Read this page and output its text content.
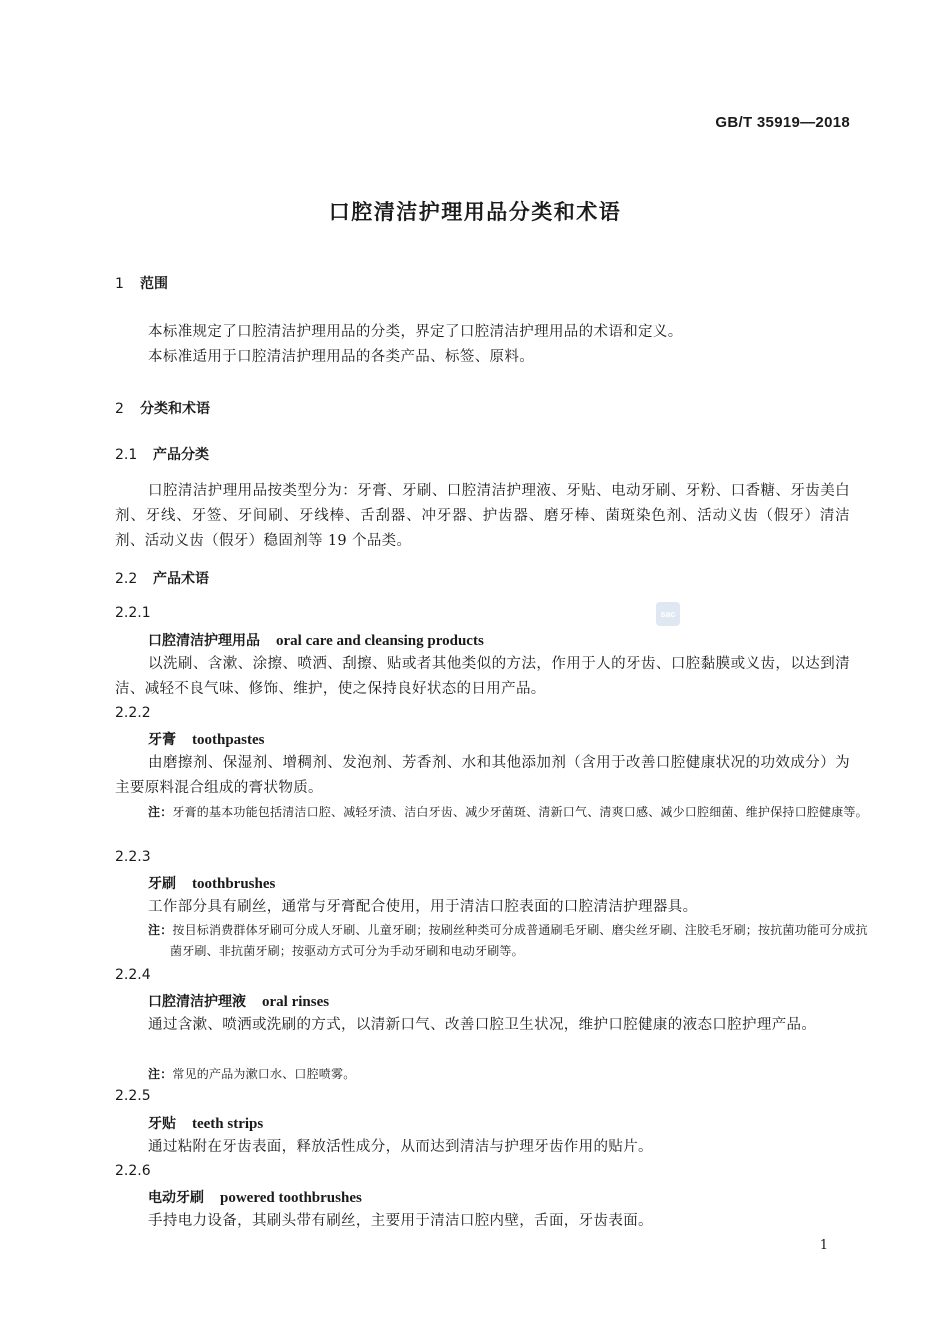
GB/T 35919—2018
口腔清洁护理用品分类和术语
1 范围
本标准规定了口腔清洁护理用品的分类，界定了口腔清洁护理用品的术语和定义。
本标准适用于口腔清洁护理用品的各类产品、标签、原料。
2 分类和术语
2.1 产品分类
口腔清洁护理用品按类型分为：牙膏、牙刷、口腔清洁护理液、牙贴、电动牙刷、牙粉、口香糖、牙齿美白剂、牙线、牙签、牙间刷、牙线棒、舌刮器、冲牙器、护齿器、磨牙棒、菌斑染色剂、活动义齿（假牙）清洁剂、活动义齿（假牙）稳固剂等 19 个品类。
2.2 产品术语
sac
2.2.1
口腔清洁护理用品 oral care and cleansing products
以洗刷、含漱、涂擦、喷洒、刮擦、贴或者其他类似的方法，作用于人的牙齿、口腔黏膜或义齿，以达到清洁、减轻不良气味、修饰、维护，使之保持良好状态的日用产品。
2.2.2
牙膏 toothpastes
由磨擦剂、保湿剂、增稠剂、发泡剂、芳香剂、水和其他添加剂（含用于改善口腔健康状况的功效成分）为主要原料混合组成的膏状物质。
注：牙膏的基本功能包括清洁口腔、减轻牙渍、洁白牙齿、减少牙菌斑、清新口气、清爽口感、减少口腔细菌、维护保持口腔健康等。
2.2.3
牙刷 toothbrushes
工作部分具有刷丝，通常与牙膏配合使用，用于清洁口腔表面的口腔清洁护理器具。
注：按目标消费群体牙刷可分成人牙刷、儿童牙刷；按刷丝种类可分成普通刷毛牙刷、磨尖丝牙刷、注胶毛牙刷；按抗菌功能可分成抗菌牙刷、非抗菌牙刷；按驱动方式可分为手动牙刷和电动牙刷等。
2.2.4
口腔清洁护理液 oral rinses
通过含漱、喷洒或洗刷的方式，以清新口气、改善口腔卫生状况，维护口腔健康的液态口腔护理产品。
注：常见的产品为漱口水、口腔喷雾。
2.2.5
牙贴 teeth strips
通过粘附在牙齿表面，释放活性成分，从而达到清洁与护理牙齿作用的贴片。
2.2.6
电动牙刷 powered toothbrushes
手持电力设备，其刷头带有刷丝，主要用于清洁口腔内壁，舌面，牙齿表面。
1
